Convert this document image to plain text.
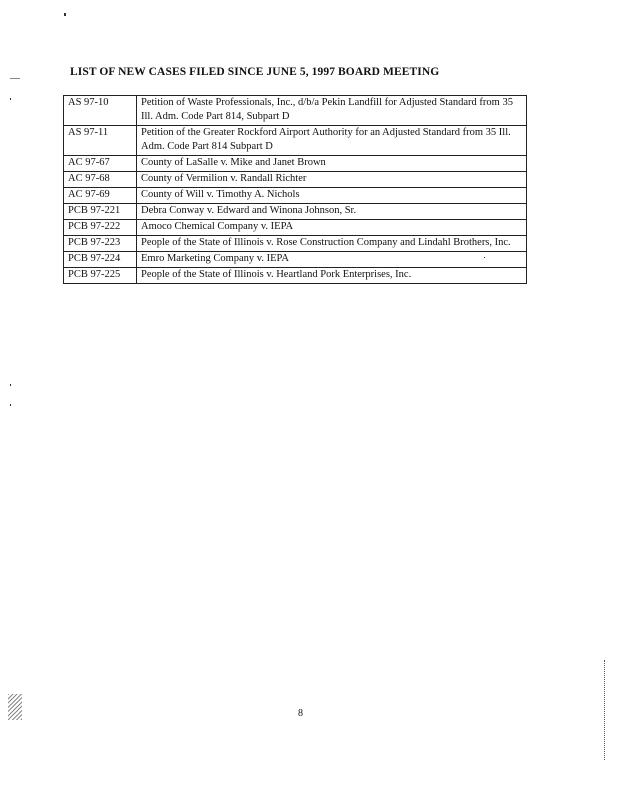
LIST OF NEW CASES FILED SINCE JUNE 5, 1997 BOARD MEETING
AS 97-10	Petition of Waste Professionals, Inc., d/b/a Pekin Landfill for Adjusted Standard from 35 Ill. Adm. Code Part 814, Subpart D
AS 97-11	Petition of the Greater Rockford Airport Authority for an Adjusted Standard from 35 Ill. Adm. Code Part 814 Subpart D
AC 97-67	County of LaSalle v. Mike and Janet Brown
AC 97-68	County of Vermilion v. Randall Richter
AC 97-69	County of Will v. Timothy A. Nichols
PCB 97-221	Debra Conway v. Edward and Winona Johnson, Sr.
PCB 97-222	Amoco Chemical Company v. IEPA
PCB 97-223	People of the State of Illinois v. Rose Construction Company and Lindahl Brothers, Inc.
PCB 97-224	Emro Marketing Company v. IEPA
PCB 97-225	People of the State of Illinois v. Heartland Pork Enterprises, Inc.
8
